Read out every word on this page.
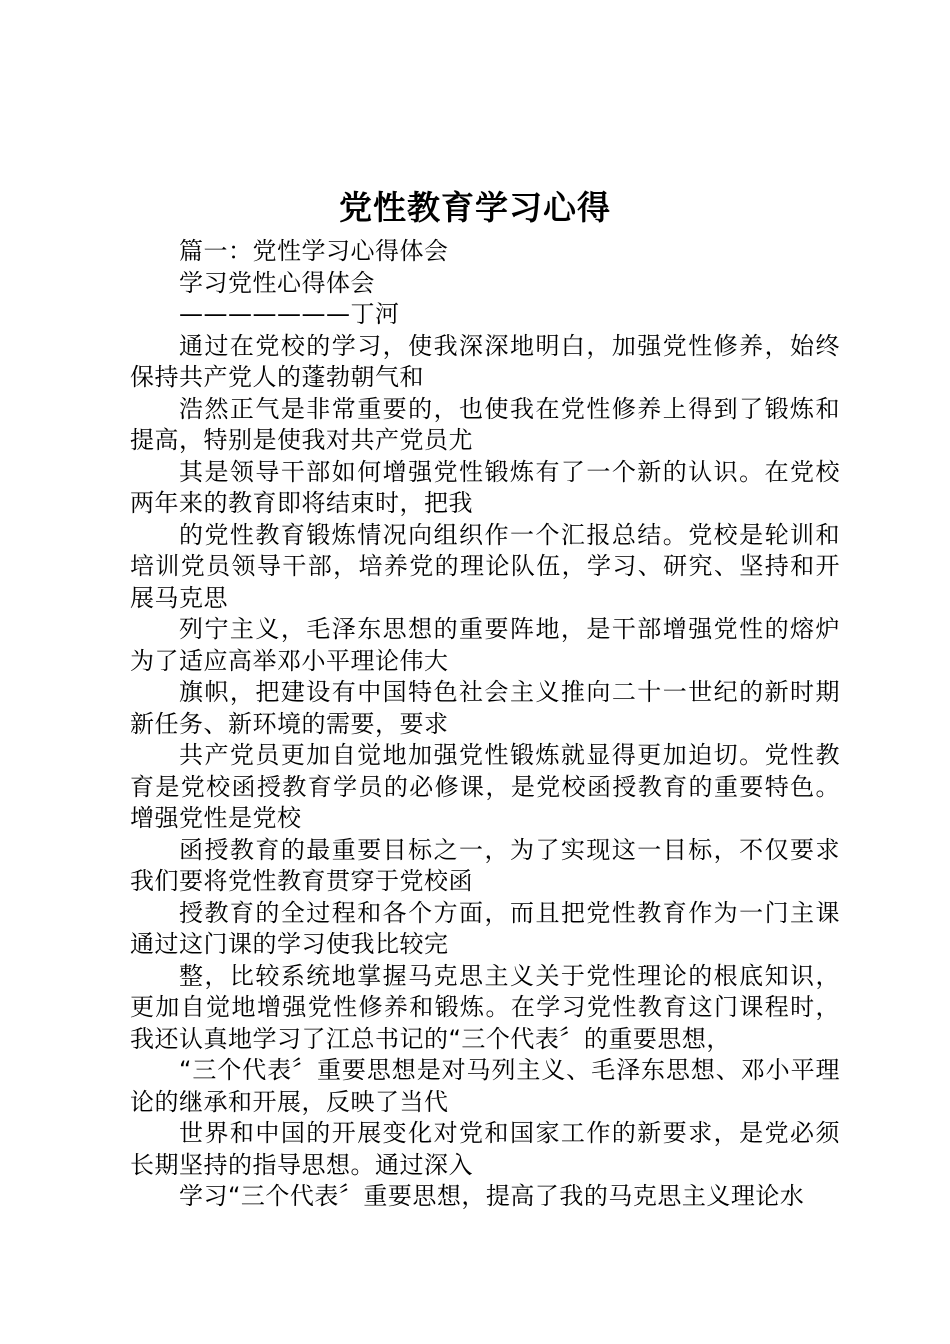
党性教育学习心得

篇一：党性学习心得体会

学习党性心得体会

———————丁河

通过在党校的学习，使我深深地明白，加强党性修养，始终保持共产党人的蓬勃朝气和

浩然正气是非常重要的，也使我在党性修养上得到了锻炼和提高，特别是使我对共产党员尤

其是领导干部如何增强党性锻炼有了一个新的认识。在党校两年来的教育即将结束时，把我

的党性教育锻炼情况向组织作一个汇报总结。党校是轮训和培训党员领导干部，培养党的理论队伍，学习、研究、坚持和开展马克思

列宁主义，毛泽东思想的重要阵地，是干部增强党性的熔炉为了适应高举邓小平理论伟大

旗帜，把建设有中国特色社会主义推向二十一世纪的新时期新任务、新环境的需要，要求

共产党员更加自觉地加强党性锻炼就显得更加迫切。党性教育是党校函授教育学员的必修课，是党校函授教育的重要特色。增强党性是党校

函授教育的最重要目标之一，为了实现这一目标，不仅要求我们要将党性教育贯穿于党校函

授教育的全过程和各个方面，而且把党性教育作为一门主课通过这门课的学习使我比较完

整，比较系统地掌握马克思主义关于党性理论的根底知识，更加自觉地增强党性修养和锻炼。在学习党性教育这门课程时，我还认真地学习了江总书记的“三个代表〞的重要思想，

“三个代表〞重要思想是对马列主义、毛泽东思想、邓小平理论的继承和开展，反映了当代

世界和中国的开展变化对党和国家工作的新要求，是党必须长期坚持的指导思想。通过深入

学习“三个代表〞重要思想，提高了我的马克思主义理论水
